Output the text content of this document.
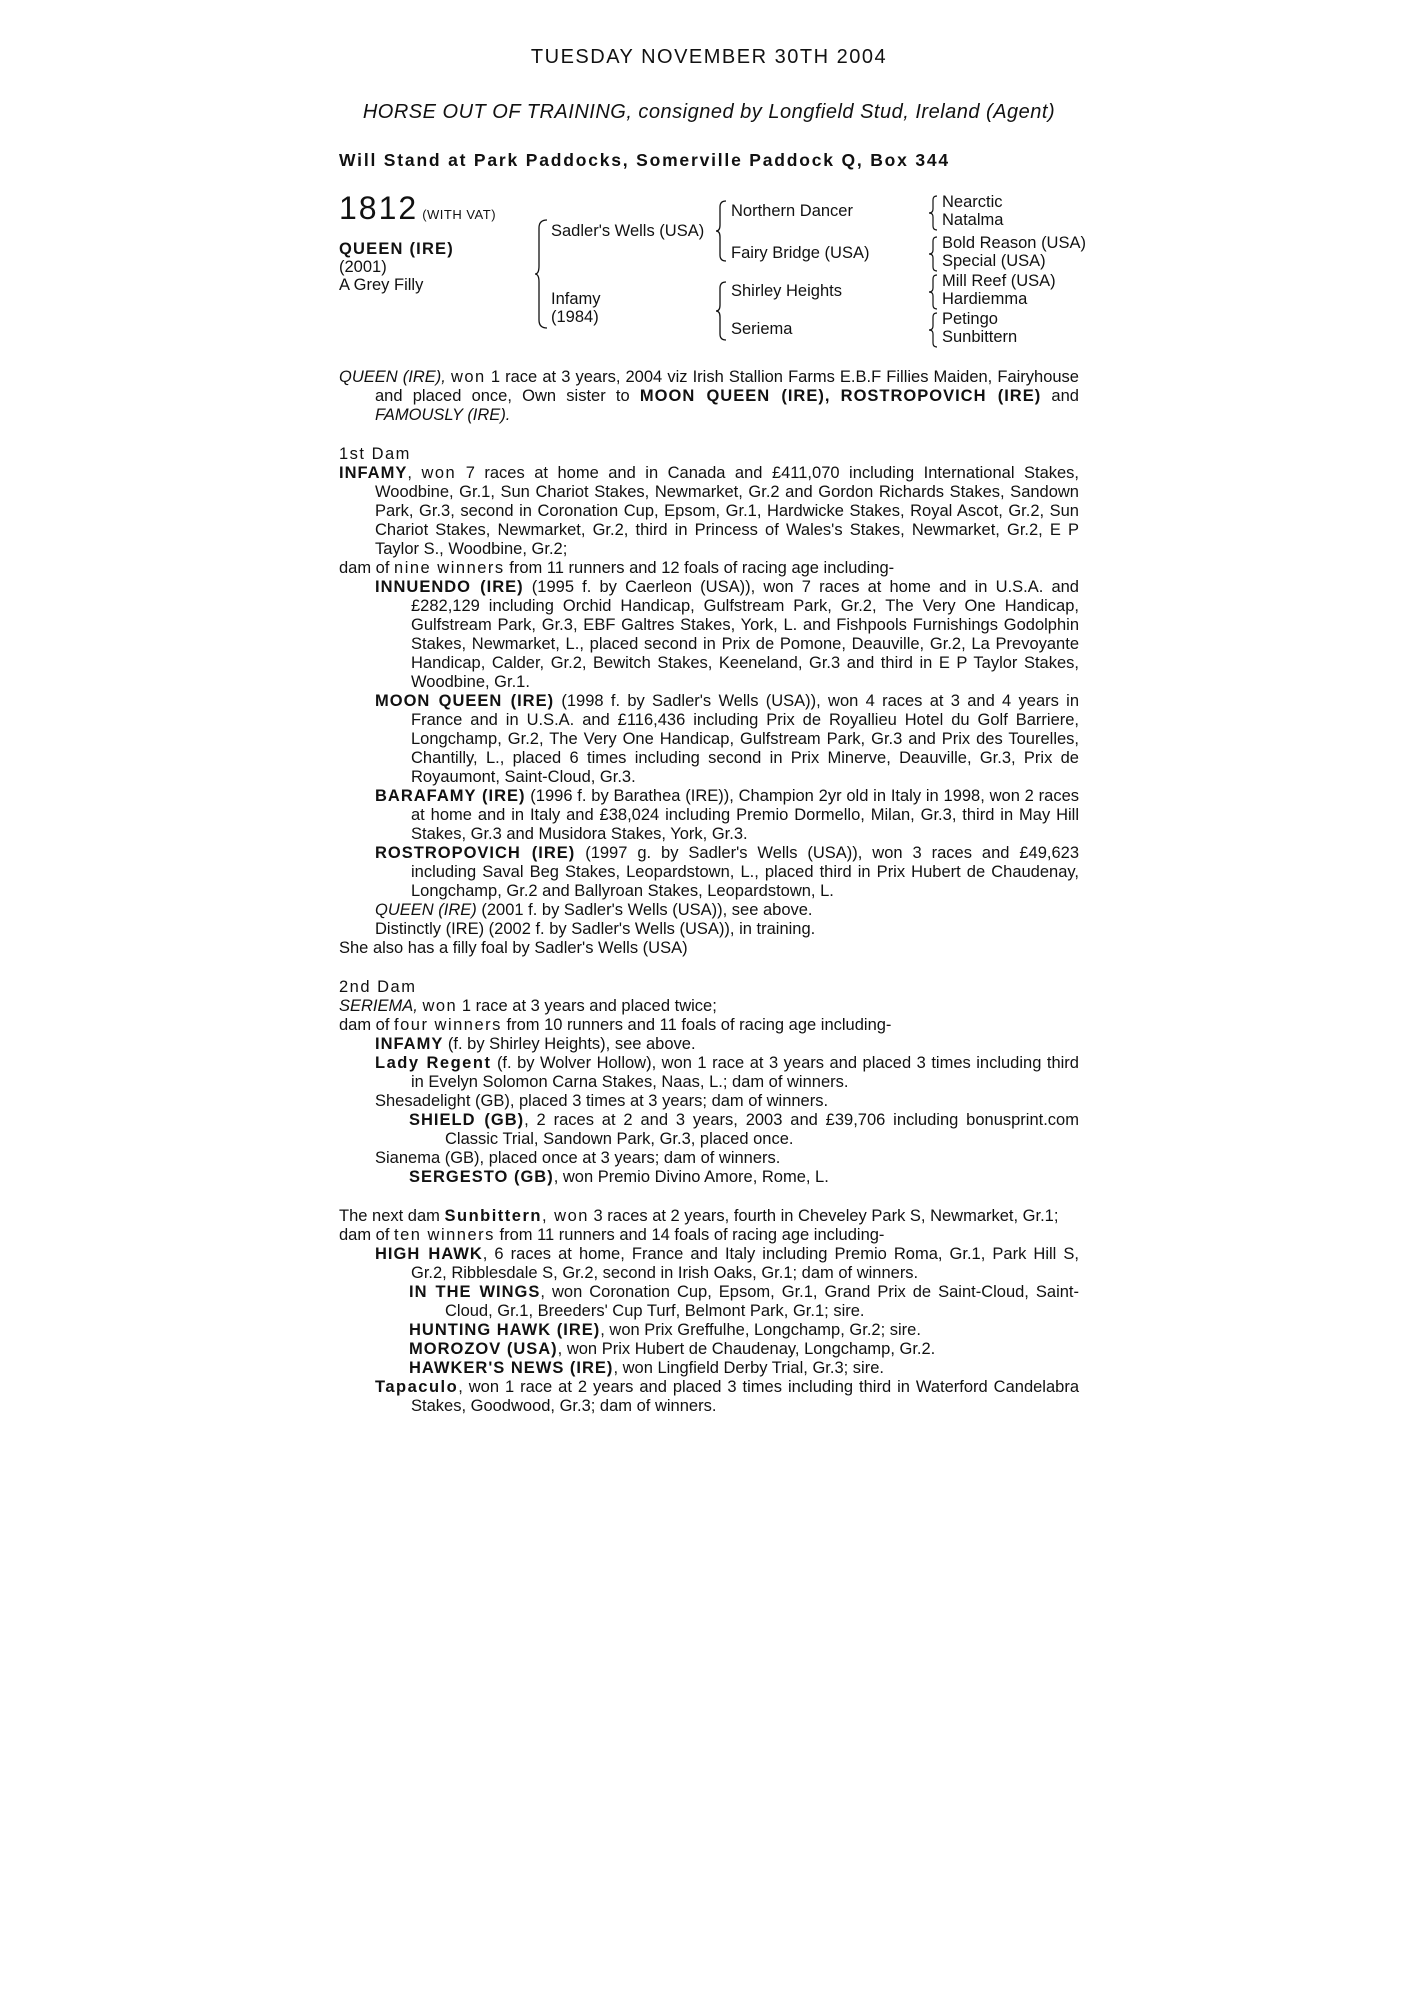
TUESDAY NOVEMBER 30TH 2004
HORSE OUT OF TRAINING, consigned by Longfield Stud, Ireland (Agent)
Will Stand at Park Paddocks, Somerville Paddock Q, Box 344
1812 (WITH VAT)
QUEEN (IRE)
(2001)
A Grey Filly
Sadler's Wells (USA)
Infamy
(1984)
Northern Dancer
Fairy Bridge (USA)
Shirley Heights
Seriema
Nearctic
Natalma
Bold Reason (USA)
Special (USA)
Mill Reef (USA)
Hardiemma
Petingo
Sunbittern

QUEEN (IRE), won 1 race at 3 years, 2004 viz Irish Stallion Farms E.B.F Fillies Maiden, Fairyhouse and placed once, Own sister to MOON QUEEN (IRE), ROSTROPOVICH (IRE) and FAMOUSLY (IRE).

1st Dam

INFAMY, won 7 races at home and in Canada and £411,070 including International Stakes, Woodbine, Gr.1, Sun Chariot Stakes, Newmarket, Gr.2 and Gordon Richards Stakes, Sandown Park, Gr.3, second in Coronation Cup, Epsom, Gr.1, Hardwicke Stakes, Royal Ascot, Gr.2, Sun Chariot Stakes, Newmarket, Gr.2, third in Princess of Wales's Stakes, Newmarket, Gr.2, E P Taylor S., Woodbine, Gr.2;

dam of nine winners from 11 runners and 12 foals of racing age including-

INNUENDO (IRE) (1995 f. by Caerleon (USA)), won 7 races at home and in U.S.A. and £282,129 including Orchid Handicap, Gulfstream Park, Gr.2, The Very One Handicap, Gulfstream Park, Gr.3, EBF Galtres Stakes, York, L. and Fishpools Furnishings Godolphin Stakes, Newmarket, L., placed second in Prix de Pomone, Deauville, Gr.2, La Prevoyante Handicap, Calder, Gr.2, Bewitch Stakes, Keeneland, Gr.3 and third in E P Taylor Stakes, Woodbine, Gr.1.

MOON QUEEN (IRE) (1998 f. by Sadler's Wells (USA)), won 4 races at 3 and 4 years in France and in U.S.A. and £116,436 including Prix de Royallieu Hotel du Golf Barriere, Longchamp, Gr.2, The Very One Handicap, Gulfstream Park, Gr.3 and Prix des Tourelles, Chantilly, L., placed 6 times including second in Prix Minerve, Deauville, Gr.3, Prix de Royaumont, Saint-Cloud, Gr.3.

BARAFAMY (IRE) (1996 f. by Barathea (IRE)), Champion 2yr old in Italy in 1998, won 2 races at home and in Italy and £38,024 including Premio Dormello, Milan, Gr.3, third in May Hill Stakes, Gr.3 and Musidora Stakes, York, Gr.3.

ROSTROPOVICH (IRE) (1997 g. by Sadler's Wells (USA)), won 3 races and £49,623 including Saval Beg Stakes, Leopardstown, L., placed third in Prix Hubert de Chaudenay, Longchamp, Gr.2 and Ballyroan Stakes, Leopardstown, L.

QUEEN (IRE) (2001 f. by Sadler's Wells (USA)), see above.

Distinctly (IRE) (2002 f. by Sadler's Wells (USA)), in training.

She also has a filly foal by Sadler's Wells (USA)

2nd Dam

SERIEMA, won 1 race at 3 years and placed twice;

dam of four winners from 10 runners and 11 foals of racing age including-

INFAMY (f. by Shirley Heights), see above.

Lady Regent (f. by Wolver Hollow), won 1 race at 3 years and placed 3 times including third in Evelyn Solomon Carna Stakes, Naas, L.; dam of winners.

Shesadelight (GB), placed 3 times at 3 years; dam of winners.

SHIELD (GB), 2 races at 2 and 3 years, 2003 and £39,706 including bonusprint.com Classic Trial, Sandown Park, Gr.3, placed once.

Sianema (GB), placed once at 3 years; dam of winners.

SERGESTO (GB), won Premio Divino Amore, Rome, L.

The next dam Sunbittern, won 3 races at 2 years, fourth in Cheveley Park S, Newmarket, Gr.1;

dam of ten winners from 11 runners and 14 foals of racing age including-

HIGH HAWK, 6 races at home, France and Italy including Premio Roma, Gr.1, Park Hill S, Gr.2, Ribblesdale S, Gr.2, second in Irish Oaks, Gr.1; dam of winners.

IN THE WINGS, won Coronation Cup, Epsom, Gr.1, Grand Prix de Saint-Cloud, Saint-Cloud, Gr.1, Breeders' Cup Turf, Belmont Park, Gr.1; sire.

HUNTING HAWK (IRE), won Prix Greffulhe, Longchamp, Gr.2; sire.

MOROZOV (USA), won Prix Hubert de Chaudenay, Longchamp, Gr.2.

HAWKER'S NEWS (IRE), won Lingfield Derby Trial, Gr.3; sire.

Tapaculo, won 1 race at 2 years and placed 3 times including third in Waterford Candelabra Stakes, Goodwood, Gr.3; dam of winners.
